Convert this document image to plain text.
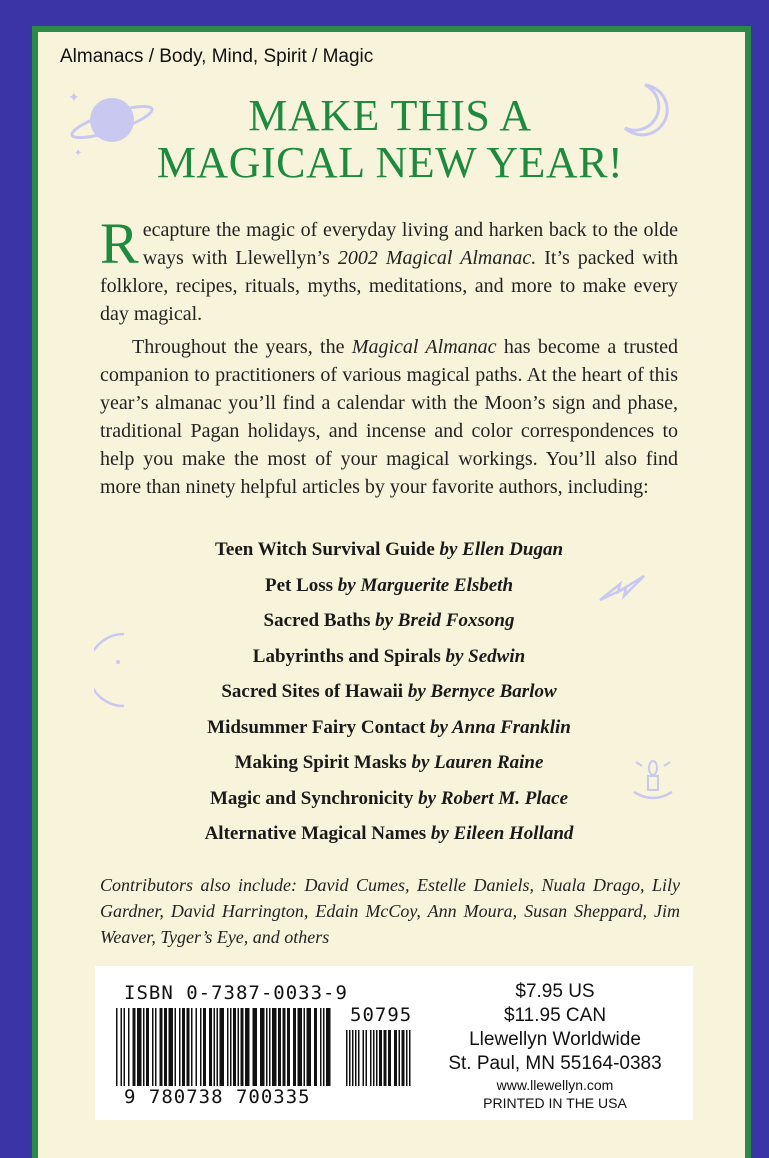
✦
✦
Almanacs / Body, Mind, Spirit / Magic
MAKE THIS A
MAGICAL NEW YEAR!
Recapture the magic of everyday living and harken back to the olde ways with Llewellyn’s 2002 Magical Almanac. It’s packed with folklore, recipes, rituals, myths, meditations, and more to make every day magical.
Throughout the years, the Magical Almanac has become a trusted companion to practitioners of various magical paths. At the heart of this year’s almanac you’ll find a calendar with the Moon’s sign and phase, traditional Pagan holidays, and incense and color correspondences to help you make the most of your magical workings. You’ll also find more than ninety helpful articles by your favorite authors, including:
Teen Witch Survival Guide by Ellen Dugan
Pet Loss by Marguerite Elsbeth
Sacred Baths by Breid Foxsong
Labyrinths and Spirals by Sedwin
Sacred Sites of Hawaii by Bernyce Barlow
Midsummer Fairy Contact by Anna Franklin
Making Spirit Masks by Lauren Raine
Magic and Synchronicity by Robert M. Place
Alternative Magical Names by Eileen Holland
Contributors also include: David Cumes, Estelle Daniels, Nuala Drago, Lily Gardner, David Harrington, Edain McCoy, Ann Moura, Susan Sheppard, Jim Weaver, Tyger’s Eye, and others
ISBN 0-7387-0033-9
50795
9 780738 700335
$7.95 US
$11.95 CAN
Llewellyn Worldwide
St. Paul, MN 55164-0383
www.llewellyn.com
PRINTED IN THE USA
